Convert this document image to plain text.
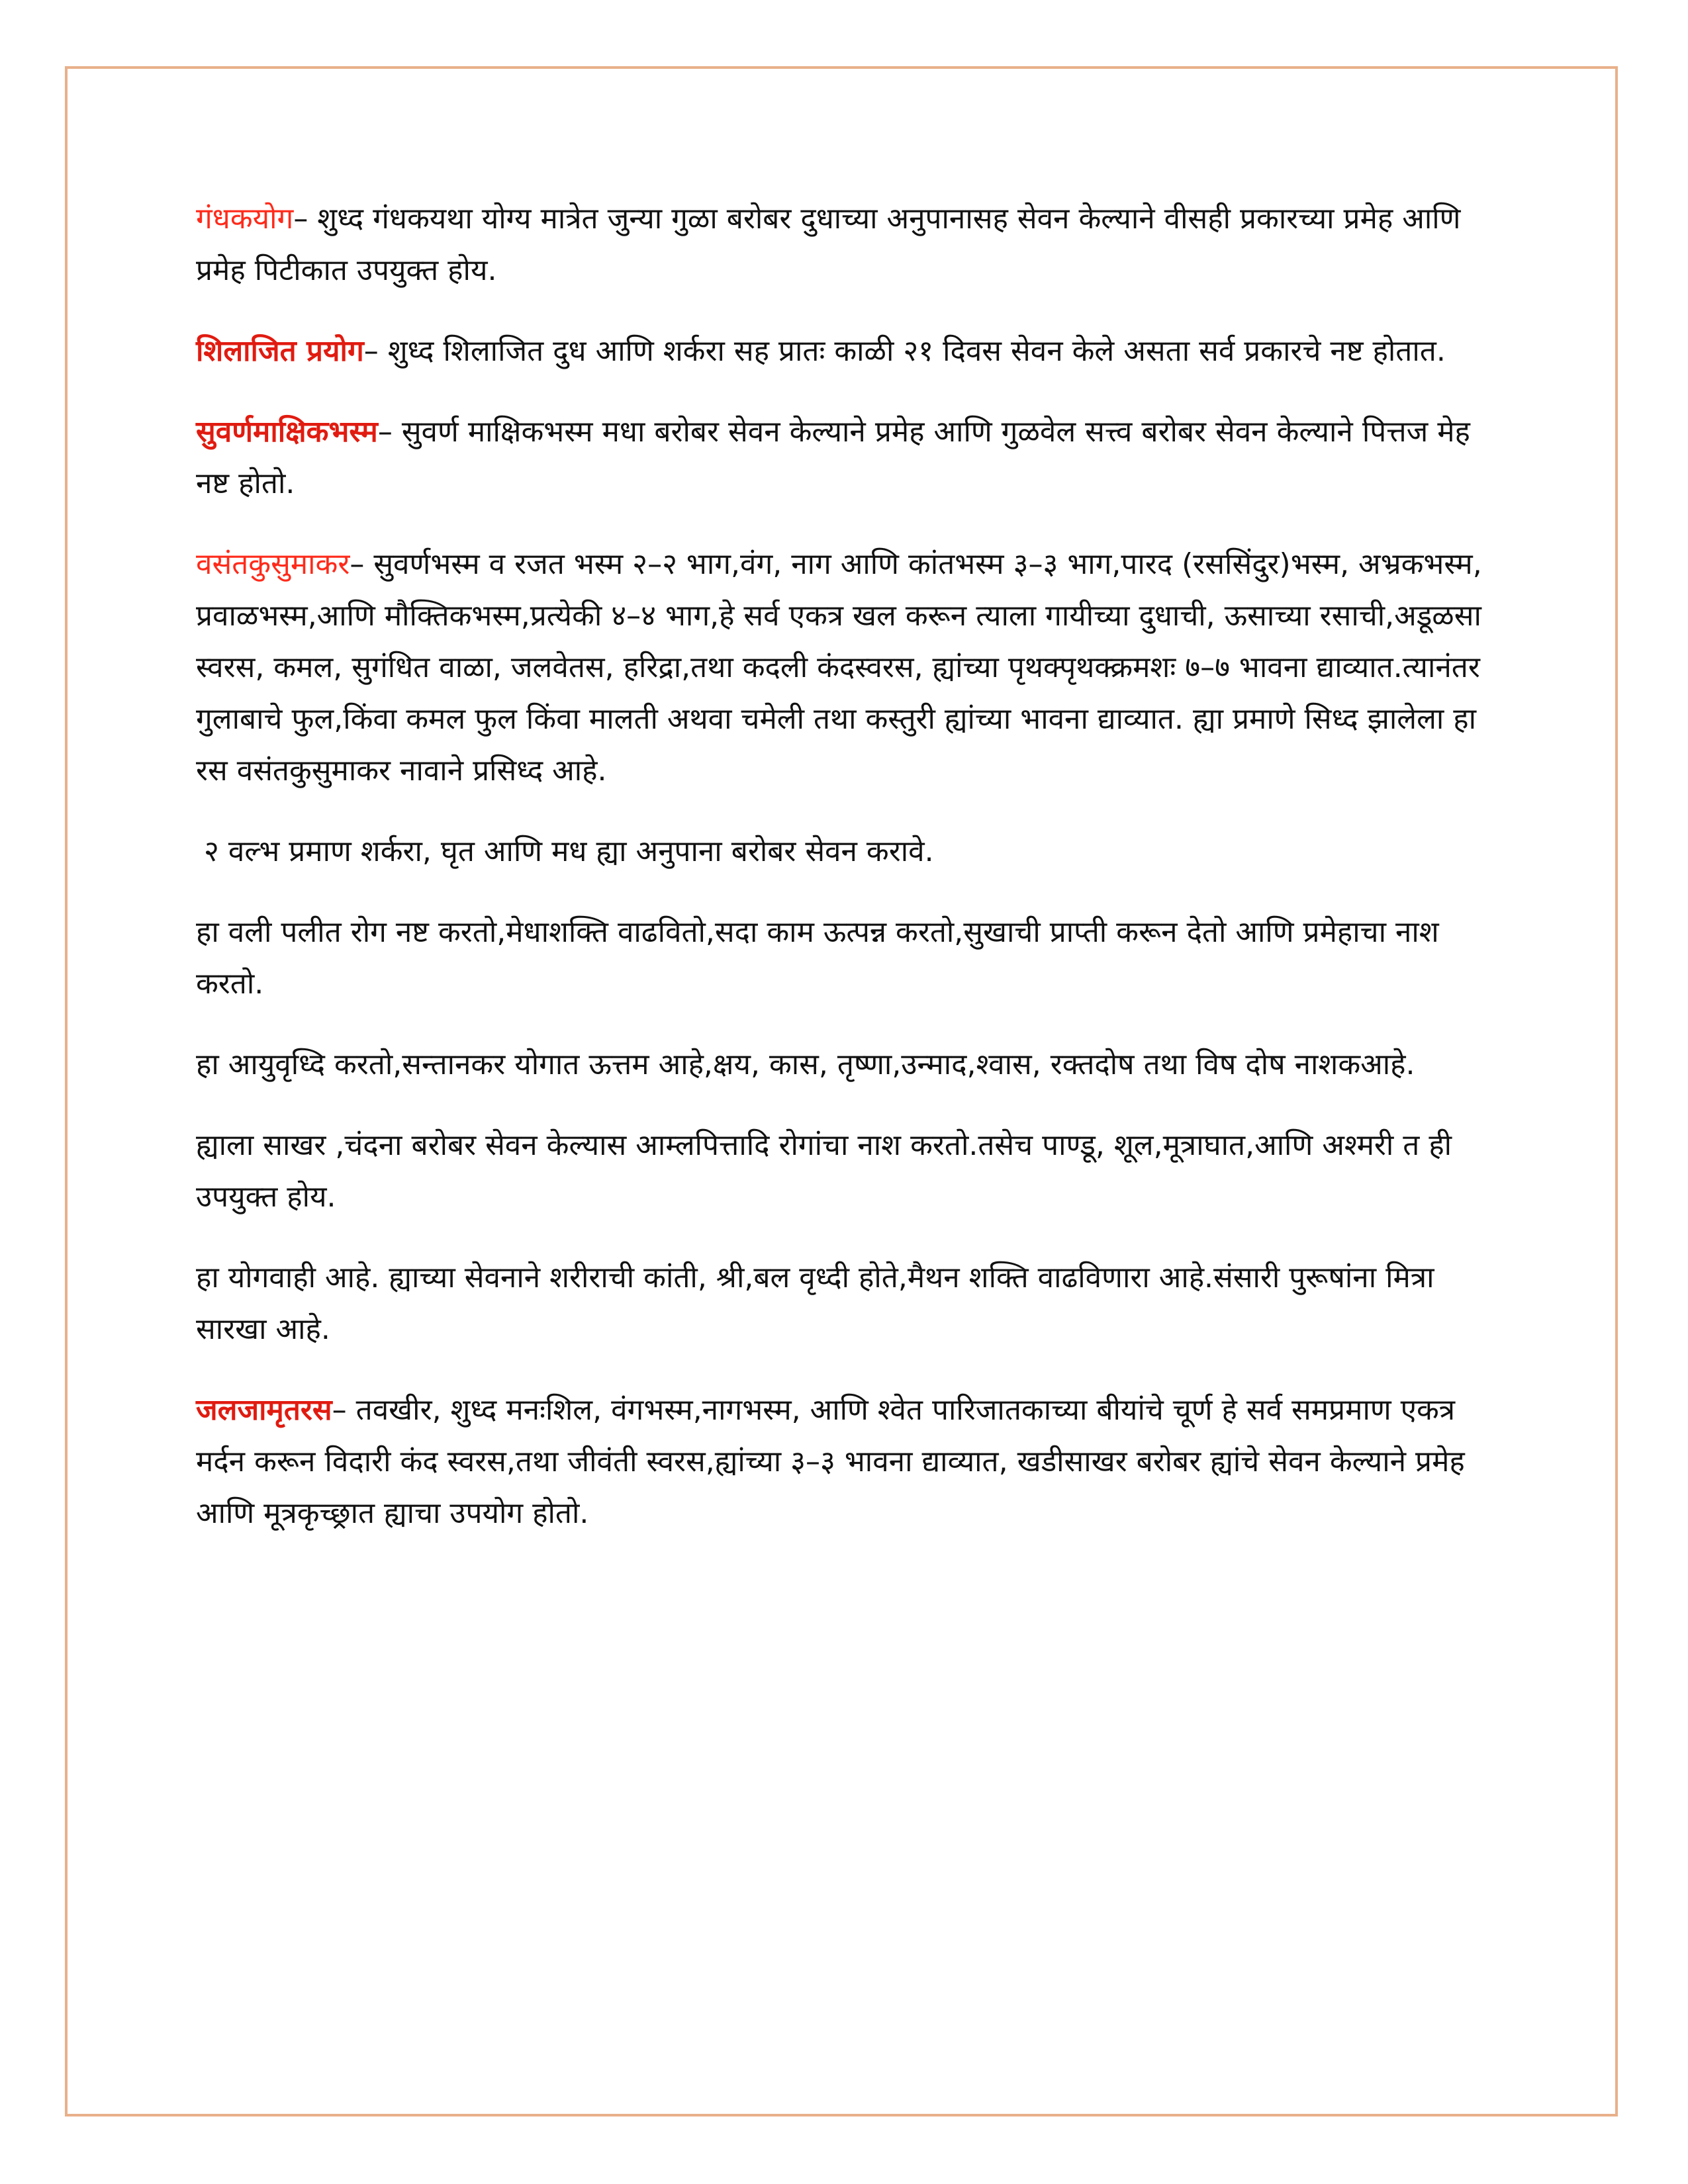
गंधकयोग– शुध्द गंधकयथा योग्य मात्रेत जुन्या गुळा बरोबर दुधाच्या अनुपानासह सेवन केल्याने वीसही प्रकारच्या प्रमेह आणि प्रमेह पिटीकात उपयुक्त होय.

शिलाजित प्रयोग– शुध्द शिलाजित दुध आणि शर्करा सह प्रातः काळी २१ दिवस सेवन केले असता सर्व प्रकारचे नष्ट होतात.

सुवर्णमाक्षिकभस्म– सुवर्ण माक्षिकभस्म मधा बरोबर सेवन केल्याने प्रमेह आणि गुळवेल सत्त्व बरोबर सेवन केल्याने पित्तज मेह नष्ट होतो.

वसंतकुसुमाकर– सुवर्णभस्म व रजत भस्म २–२ भाग,वंग, नाग आणि कांतभस्म ३–३ भाग,पारद (रससिंदुर)भस्म, अभ्रकभस्म, प्रवाळभस्म,आणि मौक्तिकभस्म,प्रत्येकी ४–४ भाग,हे सर्व एकत्र खल करून त्याला गायीच्या दुधाची, ऊसाच्या रसाची,अडूळसा स्वरस, कमल, सुगंधित वाळा, जलवेतस, हरिद्रा,तथा कदली कंदस्वरस, ह्यांच्या पृथक्पृथक्क्रमशः ७–७ भावना द्याव्यात.त्यानंतर गुलाबाचे फुल,किंवा कमल फुल किंवा मालती अथवा चमेली तथा कस्तुरी ह्यांच्या भावना द्याव्यात. ह्या प्रमाणे सिध्द झालेला हा रस वसंतकुसुमाकर नावाने प्रसिध्द आहे.

२ वल्भ प्रमाण शर्करा, घृत आणि मध ह्या अनुपाना बरोबर सेवन करावे.

हा वली पलीत रोग नष्ट करतो,मेधाशक्ति वाढवितो,सदा काम ऊत्पन्न करतो,सुखाची प्राप्ती करून देतो आणि प्रमेहाचा नाश करतो.

हा आयुवृध्दि करतो,सन्तानकर योगात ऊत्तम आहे,क्षय, कास, तृष्णा,उन्माद,श्वास, रक्तदोष तथा विष दोष नाशकआहे.

ह्याला साखर ,चंदना बरोबर सेवन केल्यास आम्लपित्तादि रोगांचा नाश करतो.तसेच पाण्डू, शूल,मूत्राघात,आणि अश्मरी त ही उपयुक्त होय.

हा योगवाही आहे. ह्याच्या सेवनाने शरीराची कांती, श्री,बल वृध्दी होते,मैथन शक्ति वाढविणारा आहे.संसारी पुरूषांना मित्रा सारखा आहे.

जलजामृतरस– तवखीर, शुध्द मनःशिल, वंगभस्म,नागभस्म, आणि श्वेत पारिजातकाच्या बीयांचे चूर्ण हे सर्व समप्रमाण एकत्र मर्दन करून विदारी कंद स्वरस,तथा जीवंती स्वरस,ह्यांच्या ३–३ भावना द्याव्यात, खडीसाखर बरोबर ह्यांचे सेवन केल्याने प्रमेह आणि मूत्रकृच्छ्रात ह्याचा उपयोग होतो.
